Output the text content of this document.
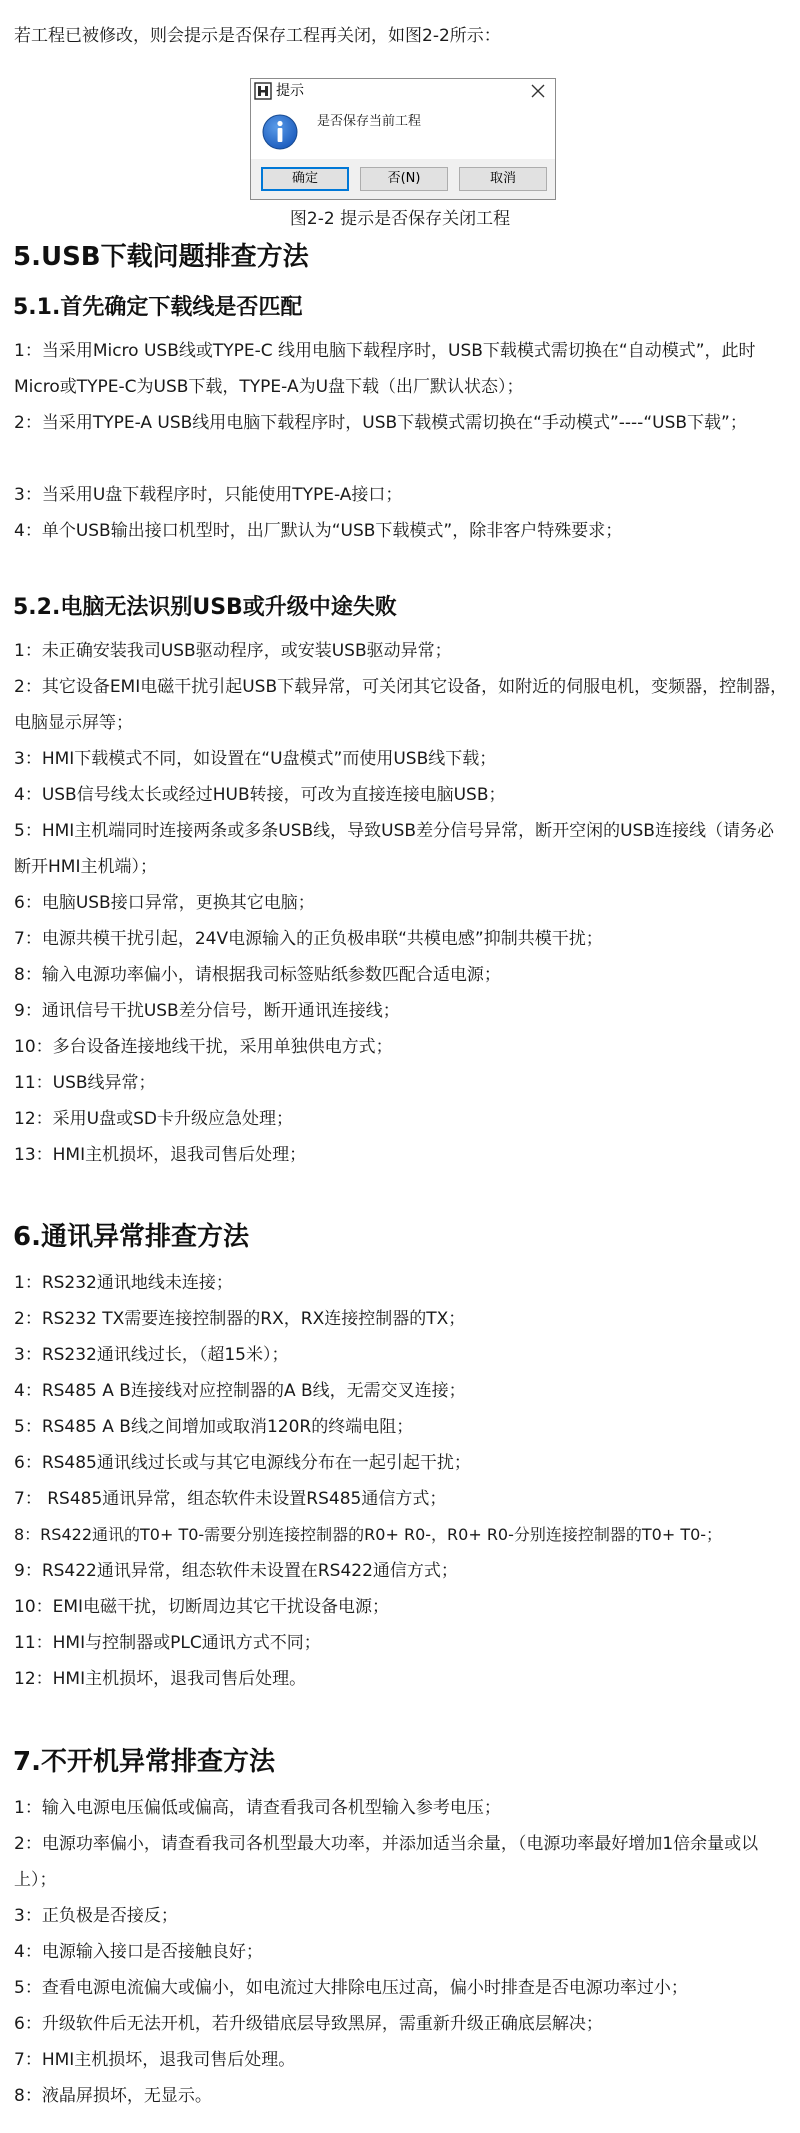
若工程已被修改，则会提示是否保存工程再关闭，如图2-2所示：
提示
是否保存当前工程
确定	否(N)	取消
图2-2 提示是否保存关闭工程
5.USB下载问题排查方法
5.1.首先确定下载线是否匹配
1：当采用Micro USB线或TYPE-C 线用电脑下载程序时，USB下载模式需切换在“自动模式”，此时Micro或TYPE-C为USB下载，TYPE-A为U盘下载（出厂默认状态）；
2：当采用TYPE-A USB线用电脑下载程序时，USB下载模式需切换在“手动模式”----“USB下载”；
3：当采用U盘下载程序时，只能使用TYPE-A接口；
4：单个USB输出接口机型时，出厂默认为“USB下载模式”，除非客户特殊要求；
5.2.电脑无法识别USB或升级中途失败
1：未正确安装我司USB驱动程序，或安装USB驱动异常；
2：其它设备EMI电磁干扰引起USB下载异常，可关闭其它设备，如附近的伺服电机，变频器，控制器，电脑显示屏等；
3：HMI下载模式不同，如设置在“U盘模式”而使用USB线下载；
4：USB信号线太长或经过HUB转接，可改为直接连接电脑USB；
5：HMI主机端同时连接两条或多条USB线，导致USB差分信号异常，断开空闲的USB连接线（请务必断开HMI主机端）；
6：电脑USB接口异常，更换其它电脑；
7：电源共模干扰引起，24V电源输入的正负极串联“共模电感”抑制共模干扰；
8：输入电源功率偏小，请根据我司标签贴纸参数匹配合适电源；
9：通讯信号干扰USB差分信号，断开通讯连接线；
10：多台设备连接地线干扰，采用单独供电方式；
11：USB线异常；
12：采用U盘或SD卡升级应急处理；
13：HMI主机损坏，退我司售后处理；
6.通讯异常排查方法
1：RS232通讯地线未连接；
2：RS232 TX需要连接控制器的RX，RX连接控制器的TX；
3：RS232通讯线过长，（超15米）；
4：RS485 A B连接线对应控制器的A B线，无需交叉连接；
5：RS485 A B线之间增加或取消120R的终端电阻；
6：RS485通讯线过长或与其它电源线分布在一起引起干扰；
7： RS485通讯异常，组态软件未设置RS485通信方式；
8：RS422通讯的T0+ T0-需要分别连接控制器的R0+ R0-，R0+ R0-分别连接控制器的T0+ T0-；
9：RS422通讯异常，组态软件未设置在RS422通信方式；
10：EMI电磁干扰，切断周边其它干扰设备电源；
11：HMI与控制器或PLC通讯方式不同；
12：HMI主机损坏，退我司售后处理。
7.不开机异常排查方法
1：输入电源电压偏低或偏高，请查看我司各机型输入参考电压；
2：电源功率偏小，请查看我司各机型最大功率，并添加适当余量，（电源功率最好增加1倍余量或以上）；
3：正负极是否接反；
4：电源输入接口是否接触良好；
5：查看电源电流偏大或偏小，如电流过大排除电压过高，偏小时排查是否电源功率过小；
6：升级软件后无法开机，若升级错底层导致黑屏，需重新升级正确底层解决；
7：HMI主机损坏，退我司售后处理。
8：液晶屏损坏，无显示。
